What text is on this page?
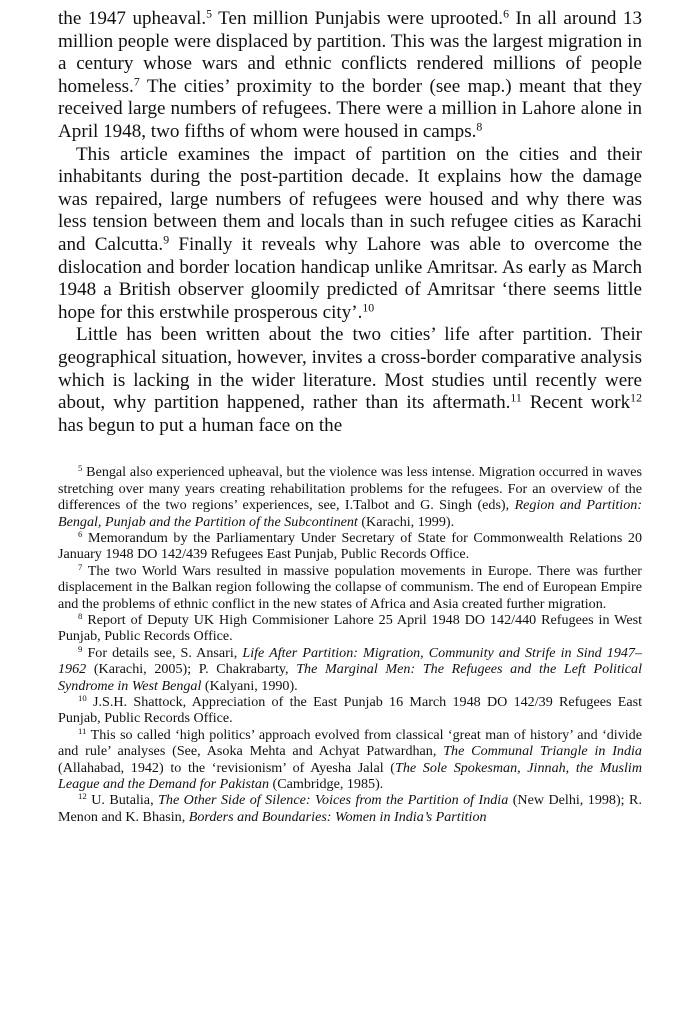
the 1947 upheaval.$^5$ Ten million Punjabis were uprooted.$^6$ In all around 13 million people were displaced by partition. This was the largest migration in a century whose wars and ethnic conflicts rendered millions of people homeless.$^7$ The cities’ proximity to the border (see map.) meant that they received large numbers of refugees. There were a million in Lahore alone in April 1948, two fifths of whom were housed in camps.$^8$

This article examines the impact of partition on the cities and their inhabitants during the post-partition decade. It explains how the damage was repaired, large numbers of refugees were housed and why there was less tension between them and locals than in such refugee cities as Karachi and Calcutta.$^9$ Finally it reveals why Lahore was able to overcome the dislocation and border location handicap unlike Amritsar. As early as March 1948 a British observer gloomily predicted of Amritsar ‘there seems little hope for this erstwhile prosperous city’.$^{10}$

Little has been written about the two cities’ life after partition. Their geographical situation, however, invites a cross-border comparative analysis which is lacking in the wider literature. Most studies until recently were about, why partition happened, rather than its aftermath.$^{11}$ Recent work$^{12}$ has begun to put a human face on the

$^5$ Bengal also experienced upheaval, but the violence was less intense. Migration occurred in waves stretching over many years creating rehabilitation problems for the refugees. For an overview of the differences of the two regions’ experiences, see, I.Talbot and G. Singh (eds), Region and Partition: Bengal, Punjab and the Partition of the Subcontinent (Karachi, 1999).

$^6$ Memorandum by the Parliamentary Under Secretary of State for Commonwealth Relations 20 January 1948 DO 142/439 Refugees East Punjab, Public Records Office.

$^7$ The two World Wars resulted in massive population movements in Europe. There was further displacement in the Balkan region following the collapse of communism. The end of European Empire and the problems of ethnic conflict in the new states of Africa and Asia created further migration.

$^8$ Report of Deputy UK High Commisioner Lahore 25 April 1948 DO 142/440 Refugees in West Punjab, Public Records Office.

$^9$ For details see, S. Ansari, Life After Partition: Migration, Community and Strife in Sind 1947–1962 (Karachi, 2005); P. Chakrabarty, The Marginal Men: The Refugees and the Left Political Syndrome in West Bengal (Kalyani, 1990).

$^{10}$ J.S.H. Shattock, Appreciation of the East Punjab 16 March 1948 DO 142/39 Refugees East Punjab, Public Records Office.

$^{11}$ This so called ‘high politics’ approach evolved from classical ‘great man of history’ and ‘divide and rule’ analyses (See, Asoka Mehta and Achyat Patwardhan, The Communal Triangle in India (Allahabad, 1942) to the ‘revisionism’ of Ayesha Jalal (The Sole Spokesman, Jinnah, the Muslim League and the Demand for Pakistan (Cambridge, 1985).

$^{12}$ U. Butalia, The Other Side of Silence: Voices from the Partition of India (New Delhi, 1998); R. Menon and K. Bhasin, Borders and Boundaries: Women in India’s Partition
